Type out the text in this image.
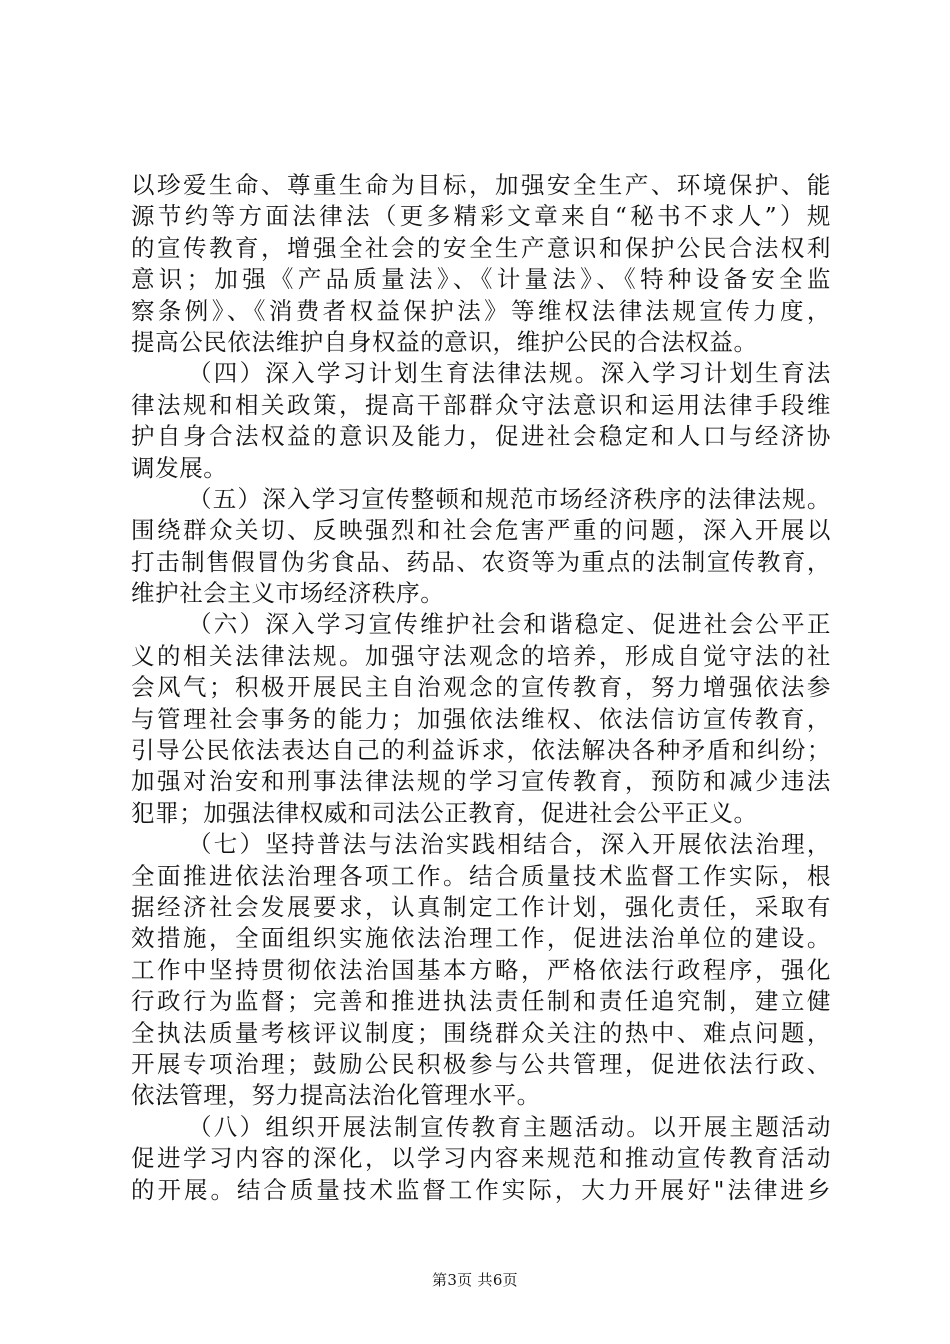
以珍爱生命、尊重生命为目标，加强安全生产、环境保护、能
源节约等方面法律法（更多精彩文章来自“秘书不求人”）规
的宣传教育，增强全社会的安全生产意识和保护公民合法权利
意识；加强《产品质量法》、《计量法》、《特种设备安全监
察条例》、《消费者权益保护法》等维权法律法规宣传力度，
提高公民依法维护自身权益的意识，维护公民的合法权益。
（四）深入学习计划生育法律法规。深入学习计划生育法
律法规和相关政策，提高干部群众守法意识和运用法律手段维
护自身合法权益的意识及能力，促进社会稳定和人口与经济协
调发展。
（五）深入学习宣传整顿和规范市场经济秩序的法律法规。
围绕群众关切、反映强烈和社会危害严重的问题，深入开展以
打击制售假冒伪劣食品、药品、农资等为重点的法制宣传教育，
维护社会主义市场经济秩序。
（六）深入学习宣传维护社会和谐稳定、促进社会公平正
义的相关法律法规。加强守法观念的培养，形成自觉守法的社
会风气；积极开展民主自治观念的宣传教育，努力增强依法参
与管理社会事务的能力；加强依法维权、依法信访宣传教育，
引导公民依法表达自己的利益诉求，依法解决各种矛盾和纠纷；
加强对治安和刑事法律法规的学习宣传教育，预防和减少违法
犯罪；加强法律权威和司法公正教育，促进社会公平正义。
（七）坚持普法与法治实践相结合，深入开展依法治理，
全面推进依法治理各项工作。结合质量技术监督工作实际，根
据经济社会发展要求，认真制定工作计划，强化责任，采取有
效措施，全面组织实施依法治理工作，促进法治单位的建设。
工作中坚持贯彻依法治国基本方略，严格依法行政程序，强化
行政行为监督；完善和推进执法责任制和责任追究制，建立健
全执法质量考核评议制度；围绕群众关注的热中、难点问题，
开展专项治理；鼓励公民积极参与公共管理，促进依法行政、
依法管理，努力提高法治化管理水平。
（八）组织开展法制宣传教育主题活动。以开展主题活动
促进学习内容的深化，以学习内容来规范和推动宣传教育活动
的开展。结合质量技术监督工作实际，大力开展好"法律进乡
第3页 共6页
